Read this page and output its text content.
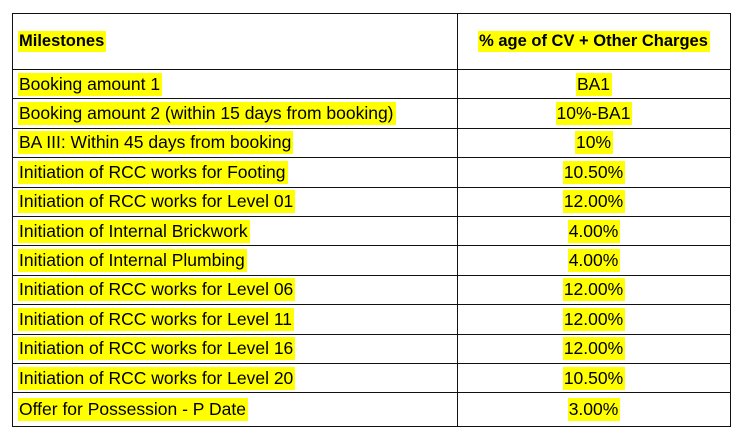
Milestones	% age of CV + Other Charges
Booking amount 1	BA1
Booking amount 2 (within 15 days from booking)	10%-BA1
BA III: Within 45 days from booking	10%
Initiation of RCC works for Footing	10.50%
Initiation of RCC works for Level 01	12.00%
Initiation of Internal Brickwork	4.00%
Initiation of Internal Plumbing	4.00%
Initiation of RCC works for Level 06	12.00%
Initiation of RCC works for Level 11	12.00%
Initiation of RCC works for Level 16	12.00%
Initiation of RCC works for Level 20	10.50%
Offer for Possession - P Date	3.00%
